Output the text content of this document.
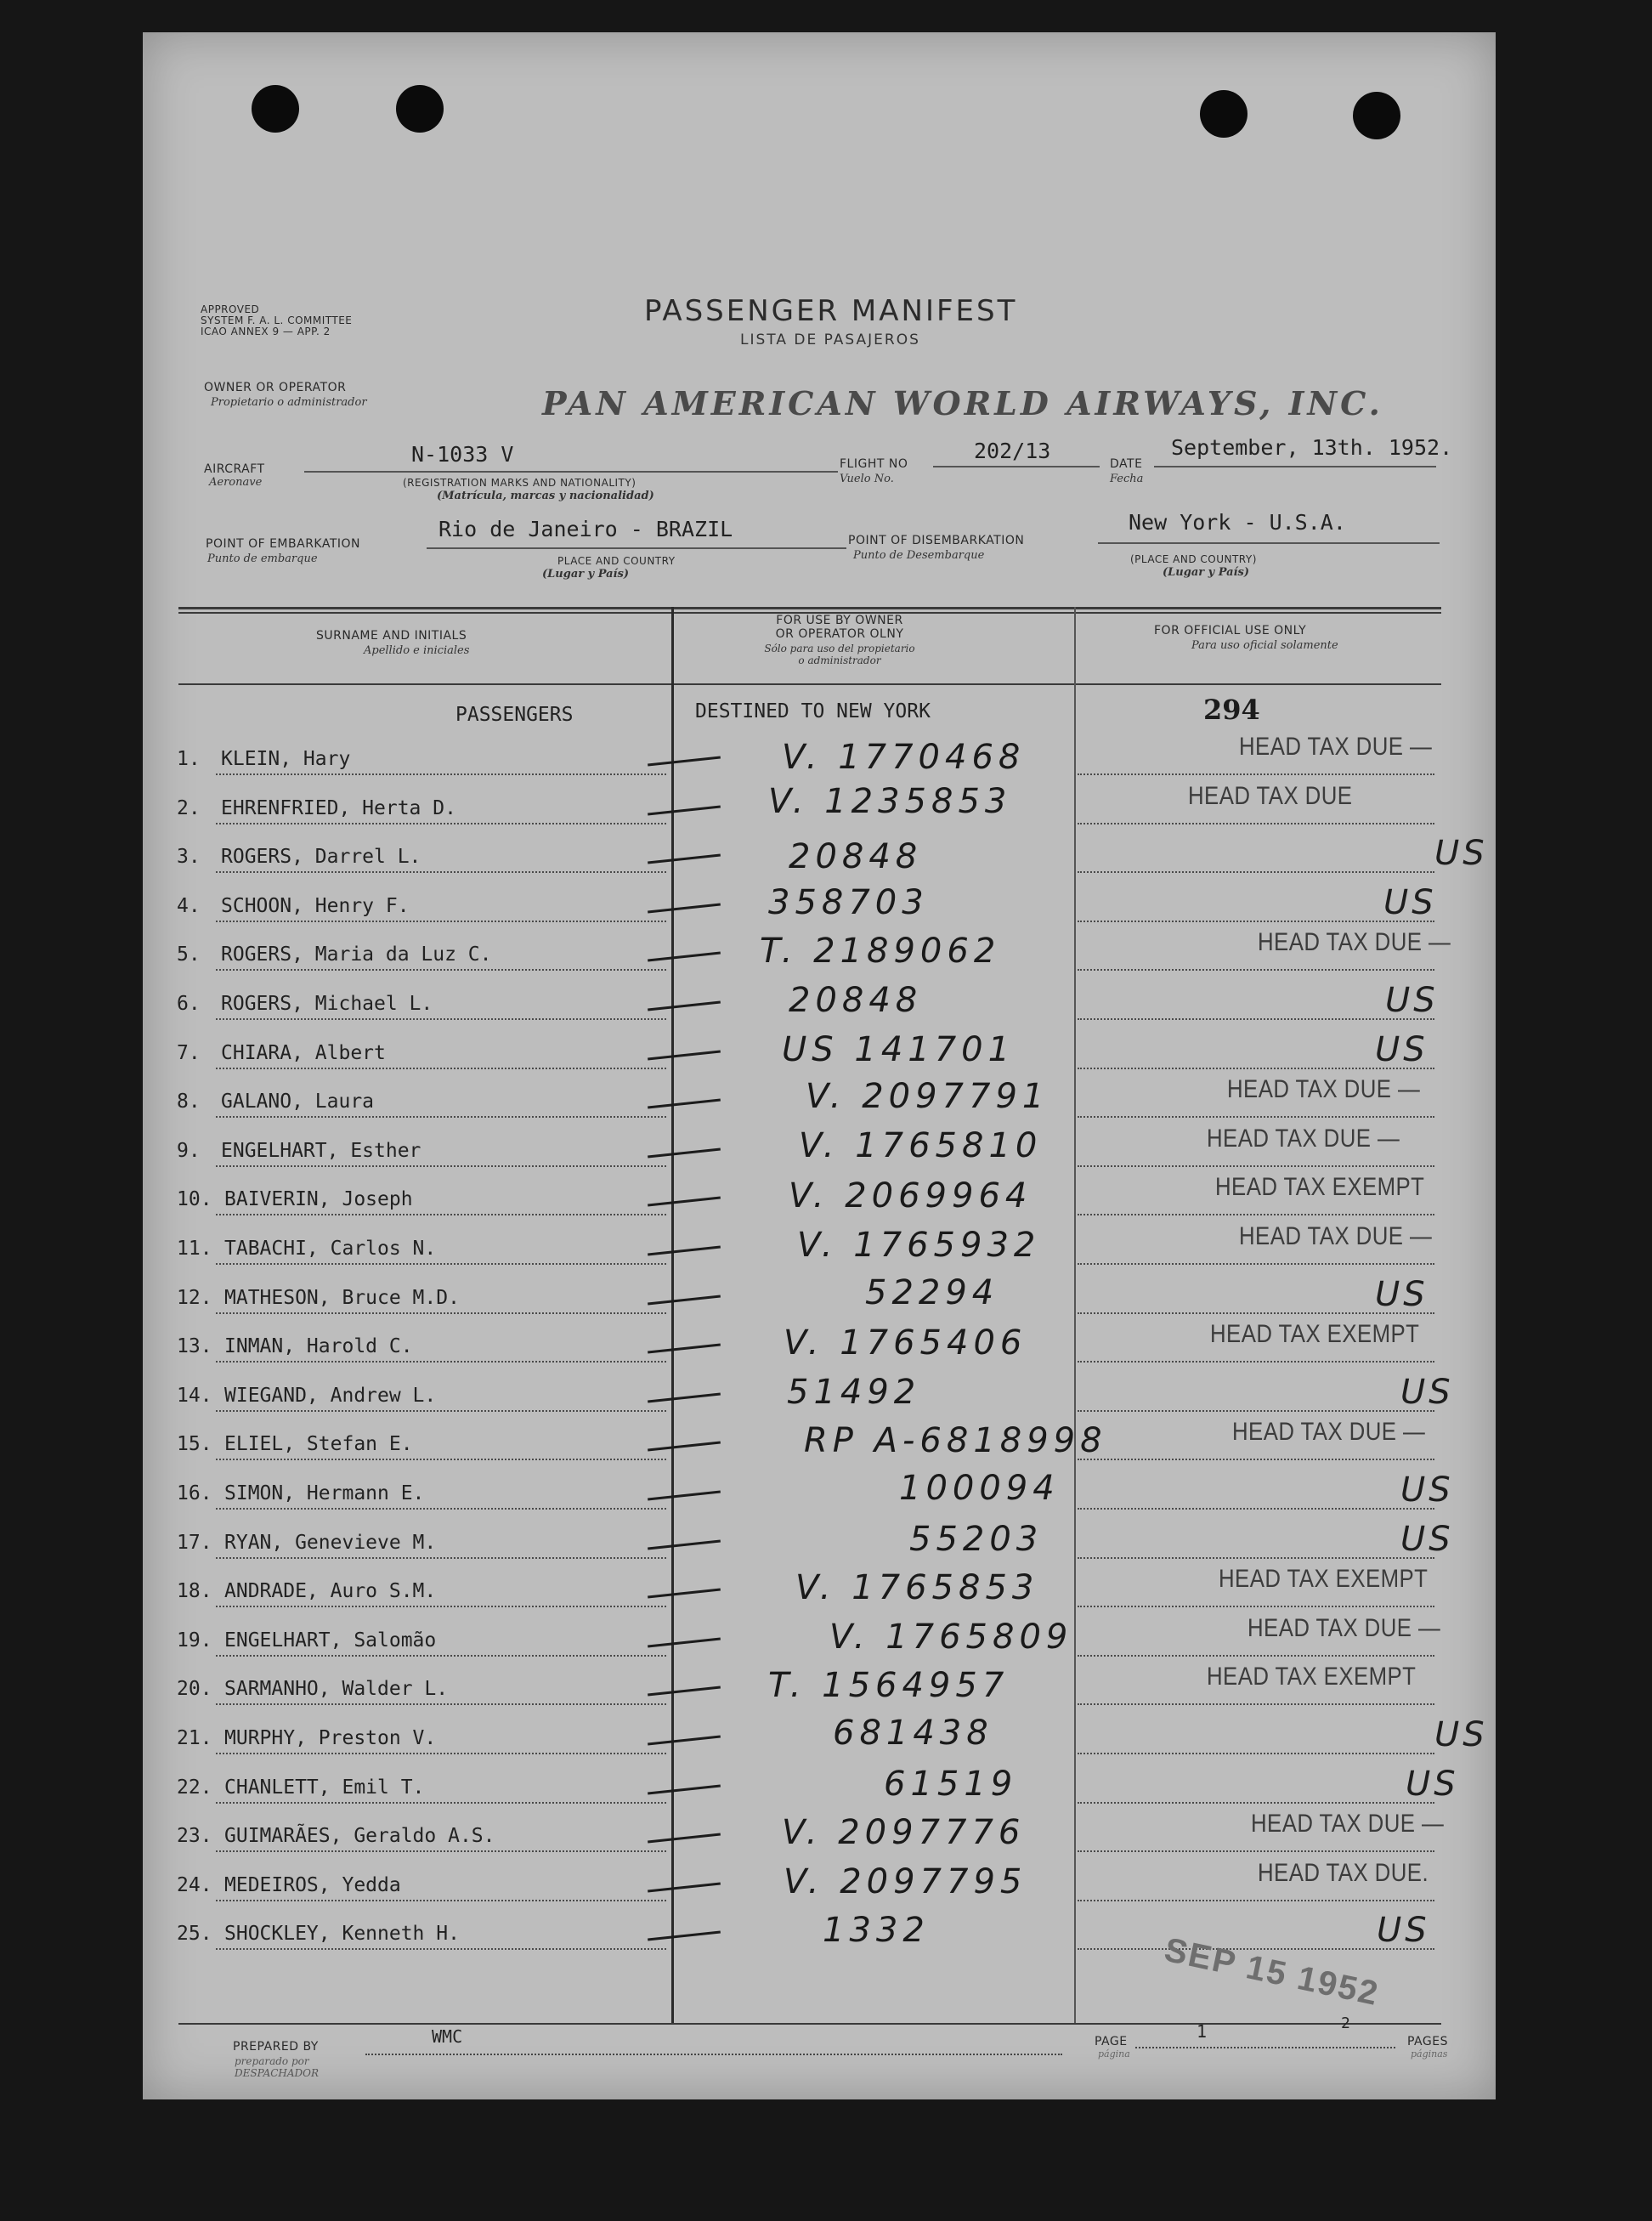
APPROVED
SYSTEM F. A. L. COMMITTEE
ICAO ANNEX 9 — APP. 2
PASSENGER MANIFEST
LISTA DE PASAJEROS
OWNER OR OPERATOR
Propietario o administrador	PAN AMERICAN WORLD AIRWAYS, INC.
AIRCRAFT
Aeronave
N-1033 V
(REGISTRATION MARKS AND NATIONALITY)
(Matrícula, marcas y nacionalidad)
FLIGHT NO
Vuelo No.
202/13
DATE
Fecha
September, 13th. 1952.
POINT OF EMBARKATION
Punto de embarque
Rio de Janeiro - BRAZIL
PLACE AND COUNTRY
(Lugar y País)
POINT OF DISEMBARKATION
Punto de Desembarque
New York - U.S.A.
(PLACE AND COUNTRY)
(Lugar y País)
SURNAME AND INITIALS
Apellido e iniciales
FOR USE BY OWNER
OR OPERATOR OLNY
Sólo para uso del propietario
o administrador
FOR OFFICIAL USE ONLY
Para uso oficial solamente
PASSENGERS	DESTINED TO NEW YORK	294
1. KLEIN, Hary	V. 1770468	HEAD TAX DUE —
2. EHRENFRIED, Herta D.	V. 1235853	HEAD TAX DUE
3. ROGERS, Darrel L.	20848	US
4. SCHOON, Henry F.	358703	US
5. ROGERS, Maria da Luz C.	T. 2189062	HEAD TAX DUE —
6. ROGERS, Michael L.	20848	US
7. CHIARA, Albert	US 141701	US
8. GALANO, Laura	V. 2097791	HEAD TAX DUE —
9. ENGELHART, Esther	V. 1765810	HEAD TAX DUE —
10. BAIVERIN, Joseph	V. 2069964	HEAD TAX EXEMPT
11. TABACHI, Carlos N.	V. 1765932	HEAD TAX DUE —
12. MATHESON, Bruce M.D.	52294	US
13. INMAN, Harold C.	V. 1765406	HEAD TAX EXEMPT
14. WIEGAND, Andrew L.	51492	US
15. ELIEL, Stefan E.	RP A-6818998	HEAD TAX DUE —
16. SIMON, Hermann E.	100094	US
17. RYAN, Genevieve M.	55203	US
18. ANDRADE, Auro S.M.	V. 1765853	HEAD TAX EXEMPT
19. ENGELHART, Salomão	V. 1765809	HEAD TAX DUE —
20. SARMANHO, Walder L.	T. 1564957	HEAD TAX EXEMPT
21. MURPHY, Preston V.	681438	US
22. CHANLETT, Emil T.	61519	US
23. GUIMARÃES, Geraldo A.S.	V. 2097776	HEAD TAX DUE —
24. MEDEIROS, Yedda	V. 2097795	HEAD TAX DUE.
25. SHOCKLEY, Kenneth H.	1332	US
PREPARED BY
preparado por
DESPACHADOR
WMC	PAGE
página
1	2
PAGES
páginas
SEP 15 1952
